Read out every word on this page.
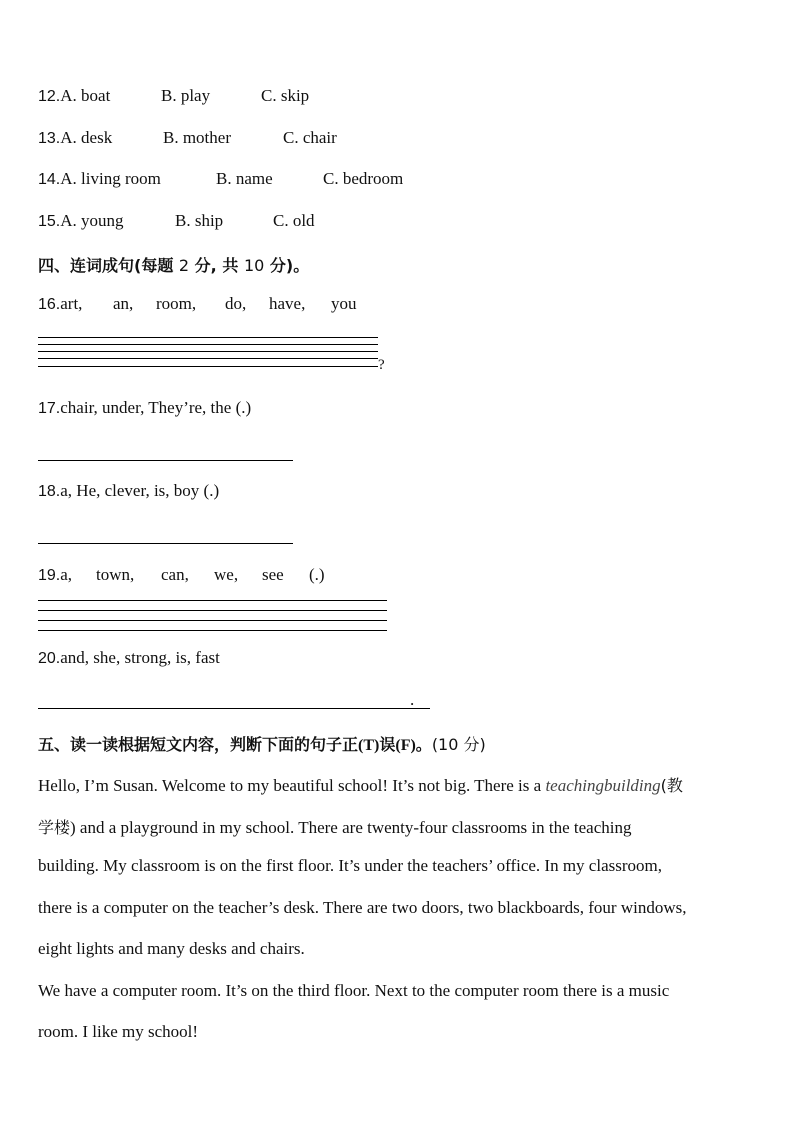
12.A. boat	B. play	C. skip
13.A. desk	B. mother	C. chair
14.A. living room	B. name	C. bedroom
15.A. young	B. ship	C. old
四、连词成句(每题 2 分, 共 10 分)。
16.art, an, room, do, have, you
?
17.chair, under, They’re, the (.)
18.a, He, clever, is, boy (.)
19.a, town, can, we, see (.)
20.and, she, strong, is, fast
.
五、读一读根据短文内容，判断下面的句子正(T)误(F)。(10 分)
Hello, I’m Susan. Welcome to my beautiful school! It’s not big. There is a teachingbuilding(教
学楼) and a playground in my school. There are twenty-four classrooms in the teaching
building. My classroom is on the first floor. It’s under the teachers’ office. In my classroom,
there is a computer on the teacher’s desk. There are two doors, two blackboards, four windows,
eight lights and many desks and chairs.
We have a computer room. It’s on the third floor. Next to the computer room there is a music
room. I like my school!
